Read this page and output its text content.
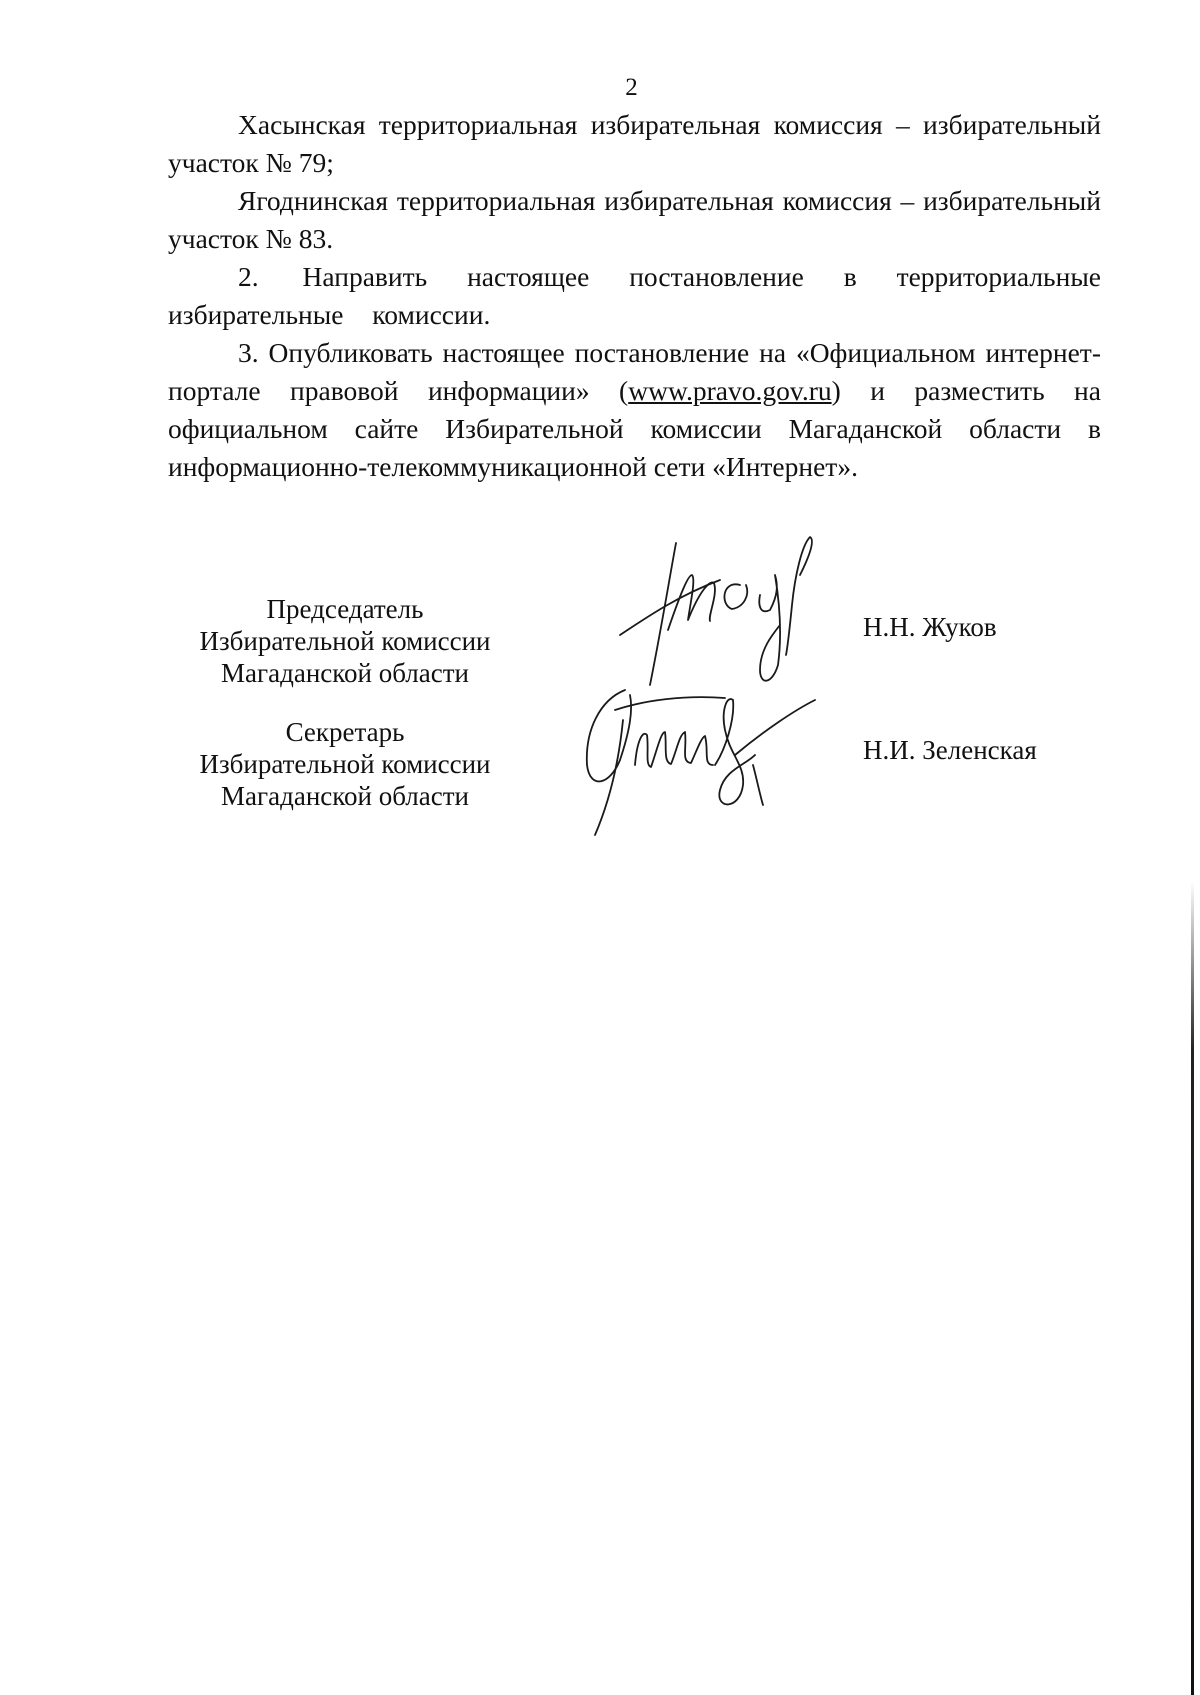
2

Хасынская территориальная избирательная комиссия – избирательный участок № 79;

Ягоднинская территориальная избирательная комиссия – избирательный участок № 83.

2. Направить настоящее постановление в территориальные избирательные комиссии.

3. Опубликовать настоящее постановление на «Официальном интернет-портале правовой информации» (www.pravo.gov.ru) и разместить на официальном сайте Избирательной комиссии Магаданской области в информационно-телекоммуникационной сети «Интернет».

Председатель
Избирательной комиссии
Магаданской области
Н.Н. Жуков
Секретарь
Избирательной комиссии
Магаданской области
Н.И. Зеленская
